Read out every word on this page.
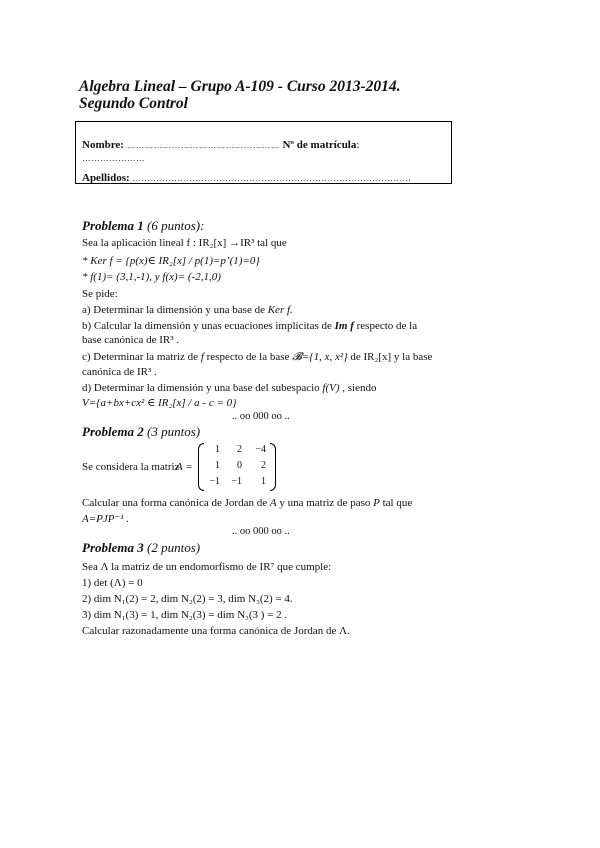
Algebra Lineal – Grupo A-109 - Curso 2013-2014.
Segundo Control
Nombre: …………………………………………… Nº de matrícula:
…………………
Apellidos: …………………………………………………………………………………
Problema 1 (6 puntos):
Sea la aplicación lineal f : IR₂[x] →IR³ tal que
* Ker f = {p(x)∈ IR₂[x] / p(1)=p’(1)=0}
* f(1)= (3,1,-1), y f(x)= (-2,1,0)
Se pide:
a) Determinar la dimensión y una base de Ker f.
b) Calcular la dimensión y unas ecuaciones implícitas de Im f respecto de la
base canónica de IR³ .
c) Determinar la matriz de f respecto de la base 𝓑={1, x, x²} de IR₂[x] y la base
canónica de IR³ .
d) Determinar la dimensión y una base del subespacio f(V) , siendo
V={a+bx+cx² ∈ IR₂[x] / a - c = 0}
.. oo 000 oo ..
Problema 2 (3 puntos)
Se considera la matriz
A =
1	2	−4
1	0	2
−1	−1	1
Calcular una forma canónica de Jordan de A y una matriz de paso P tal que
A=PJP⁻¹ .
.. oo 000 oo ..
Problema 3 (2 puntos)
Sea Λ la matriz de un endomorfismo de IR⁷ que cumple:
1) det (Λ) = 0
2) dim N₁(2) = 2, dim N₂(2) = 3, dim N₃(2) = 4.
3) dim N₁(3) = 1, dim N₂(3) = dim N₃(3 ) = 2 .
Calcular razonadamente una forma canónica de Jordan de Λ.
